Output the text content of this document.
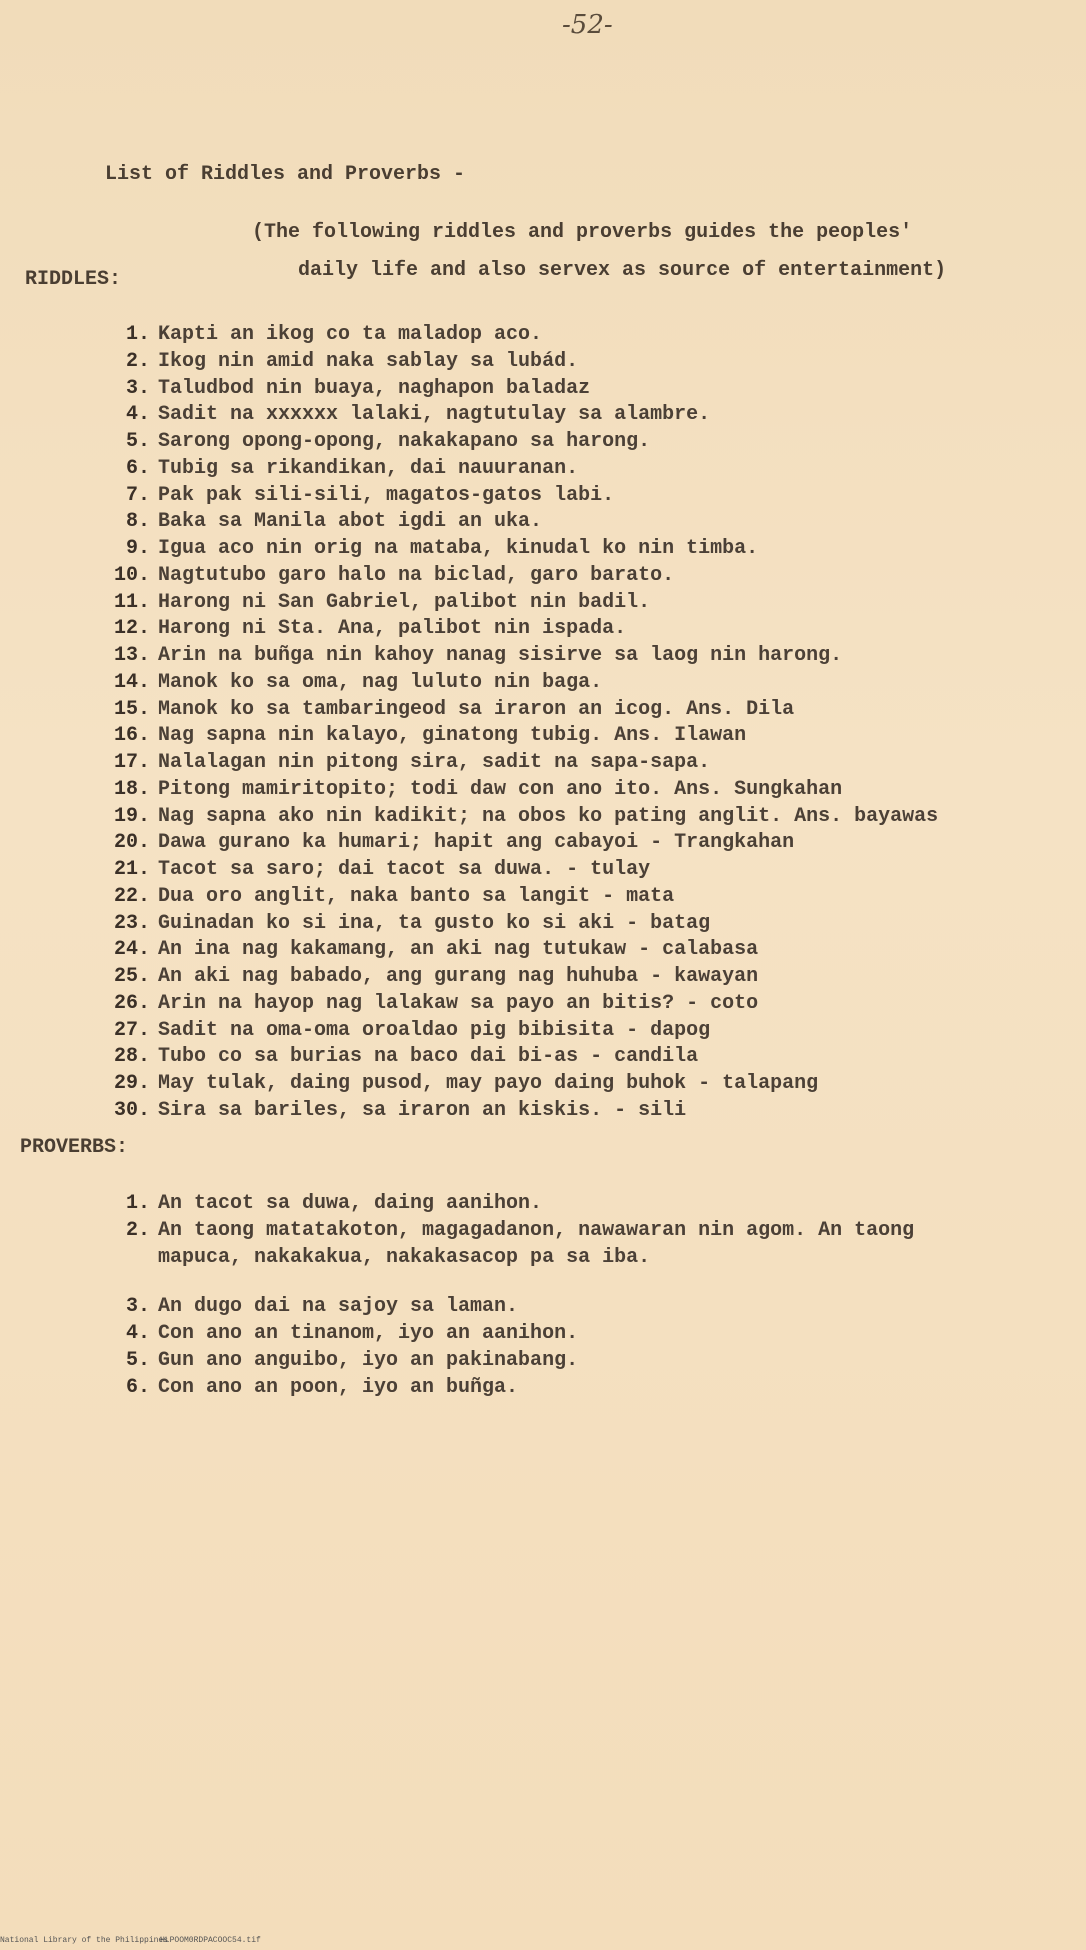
-52-
List of Riddles and Proverbs -
(The following riddles and proverbs guides the peoples'
daily life and also servex as source of entertainment)
RIDDLES:
1. Kapti an ikog co ta maladop aco.
2. Ikog nin amid naka sablay sa lubád.
3. Taludbod nin buaya, naghapon baladaz
4. Sadit na xxxxxx lalaki, nagtutulay sa alambre.
5. Sarong opong-opong, nakakapano sa harong.
6. Tubig sa rikandikan, dai nauuranan.
7. Pak pak sili-sili, magatos-gatos labi.
8. Baka sa Manila abot igdi an uka.
9. Igua aco nin orig na mataba, kinudal ko nin timba.
10. Nagtutubo garo halo na biclad, garo barato.
11. Harong ni San Gabriel, palibot nin badil.
12. Harong ni Sta. Ana, palibot nin ispada.
13. Arin na buñga nin kahoy nanag sisirve sa laog nin harong.
14. Manok ko sa oma, nag luluto nin baga.
15. Manok ko sa tambaringeod sa iraron an icog. Ans. Dila
16. Nag sapna nin kalayo, ginatong tubig. Ans. Ilawan
17. Nalalagan nin pitong sira, sadit na sapa-sapa.
18. Pitong mamiritopito; todi daw con ano ito. Ans. Sungkahan
19. Nag sapna ako nin kadikit; na obos ko pating anglit. Ans. bayawas
20. Dawa gurano ka humari; hapit ang cabayoi - Trangkahan
21. Tacot sa saro; dai tacot sa duwa. - tulay
22. Dua oro anglit, naka banto sa langit - mata
23. Guinadan ko si ina, ta gusto ko si aki - batag
24. An ina nag kakamang, an aki nag tutukaw - calabasa
25. An aki nag babado, ang gurang nag huhuba - kawayan
26. Arin na hayop nag lalakaw sa payo an bitis? - coto
27. Sadit na oma-oma oroaldao pig bibisita - dapog
28. Tubo co sa burias na baco dai bi-as - candila
29. May tulak, daing pusod, may payo daing buhok - talapang
30. Sira sa bariles, sa iraron an kiskis. - sili
PROVERBS:
1. An tacot sa duwa, daing aanihon.
2. An taong matatakoton, magagadanon, nawawaran nin agom. An taong
mapuca, nakakakua, nakakasacop pa sa iba.
3. An dugo dai na sajoy sa laman.
4. Con ano an tinanom, iyo an aanihon.
5. Gun ano anguibo, iyo an pakinabang.
6. Con ano an poon, iyo an buñga.
National Library of the Philippines
HLPOOM0RDPACOOC54.tif
